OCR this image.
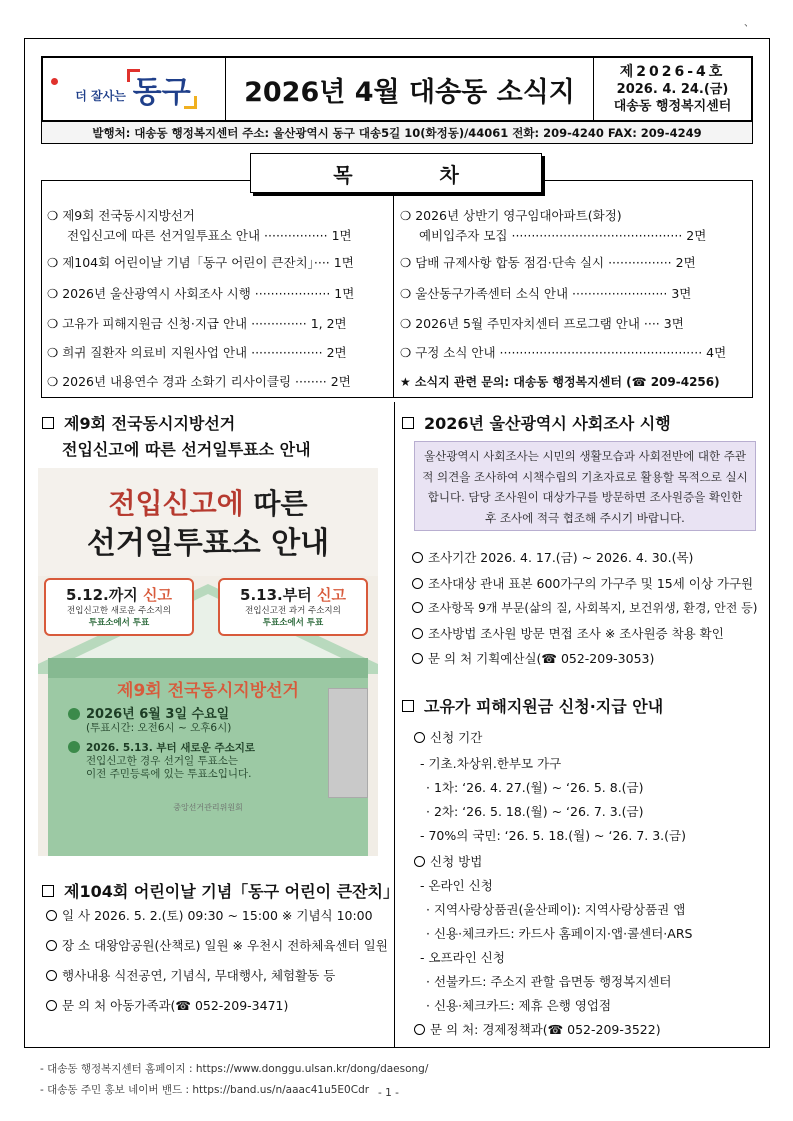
、
더 잘사는 동구	2026년 4월 대송동 소식지
제2026-4호
2026. 4. 24.(금)
대송동 행정복지센터
발행처: 대송동 행정복지센터 주소: 울산광역시 동구 대송5길 10(화정동)/44061 전화: 209-4240 FAX: 209-4249
목 차
❍ 제9회 전국동시지방선거
전입신고에 따른 선거일투표소 안내 ················ 1면
❍ 제104회 어린이날 기념「동구 어린이 큰잔치」···· 1면
❍ 2026년 울산광역시 사회조사 시행 ··················· 1면
❍ 고유가 피해지원금 신청·지급 안내 ·············· 1, 2면
❍ 희귀 질환자 의료비 지원사업 안내 ·················· 2면
❍ 2026년 내용연수 경과 소화기 리사이클링 ········ 2면
❍ 2026년 상반기 영구임대아파트(화정)
예비입주자 모집 ··········································· 2면
❍ 담배 규제사항 합동 점검·단속 실시 ················ 2면
❍ 울산동구가족센터 소식 안내 ························ 3면
❍ 2026년 5월 주민자치센터 프로그램 안내 ···· 3면
❍ 구정 소식 안내 ··················································· 4면
★ 소식지 관련 문의: 대송동 행정복지센터 (☎ 209-4256)
제9회 전국동시지방선거
전입신고에 따른 선거일투표소 안내
전입신고에 따른
선거일투표소 안내
5.12.까지 신고
전입신고한 새로운 주소지의
투표소에서 투표
5.13.부터 신고
전입신고전 과거 주소지의
투표소에서 투표
제9회 전국동시지방선거
2026년 6월 3일 수요일
(투표시간: 오전6시 ~ 오후6시)
2026. 5.13. 부터 새로운 주소지로
전입신고한 경우 선거일 투표소는
이전 주민등록에 있는 투표소입니다.
중앙선거관리위원회
제104회 어린이날 기념「동구 어린이 큰잔치」
일 사 2026. 5. 2.(토) 09:30 ~ 15:00 ※ 기념식 10:00
장 소 대왕암공원(산책로) 일원 ※ 우천시 전하체육센터 일원
행사내용 식전공연, 기념식, 무대행사, 체험활동 등
문 의 처 아동가족과(☎ 052-209-3471)
2026년 울산광역시 사회조사 시행
울산광역시 사회조사는 시민의 생활모습과 사회전반에 대한 주관적 의견을 조사하여 시책수립의 기초자료로 활용할 목적으로 실시합니다. 담당 조사원이 대상가구를 방문하면 조사원증을 확인한 후 조사에 적극 협조해 주시기 바랍니다.
조사기간 2026. 4. 17.(금) ~ 2026. 4. 30.(목)
조사대상 관내 표본 600가구의 가구주 및 15세 이상 가구원
조사항목 9개 부문(삶의 질, 사회복지, 보건위생, 환경, 안전 등)
조사방법 조사원 방문 면접 조사 ※ 조사원증 착용 확인
문 의 처 기획예산실(☎ 052-209-3053)
고유가 피해지원금 신청·지급 안내
신청 기간
- 기초.차상위.한부모 가구
· 1차: ‘26. 4. 27.(월) ~ ‘26. 5. 8.(금)
· 2차: ‘26. 5. 18.(월) ~ ‘26. 7. 3.(금)
- 70%의 국민: ‘26. 5. 18.(월) ~ ‘26. 7. 3.(금)
신청 방법
- 온라인 신청
· 지역사랑상품권(울산페이): 지역사랑상품권 앱
· 신용·체크카드: 카드사 홈페이지·앱·콜센터·ARS
- 오프라인 신청
· 선불카드: 주소지 관할 읍면동 행정복지센터
· 신용·체크카드: 제휴 은행 영업점
문 의 처: 경제정책과(☎ 052-209-3522)
- 대송동 행정복지센터 홈페이지 : https://www.donggu.ulsan.kr/dong/daesong/
- 대송동 주민 홍보 네이버 밴드 : https://band.us/n/aaac41u5E0Cdr - 1 -
